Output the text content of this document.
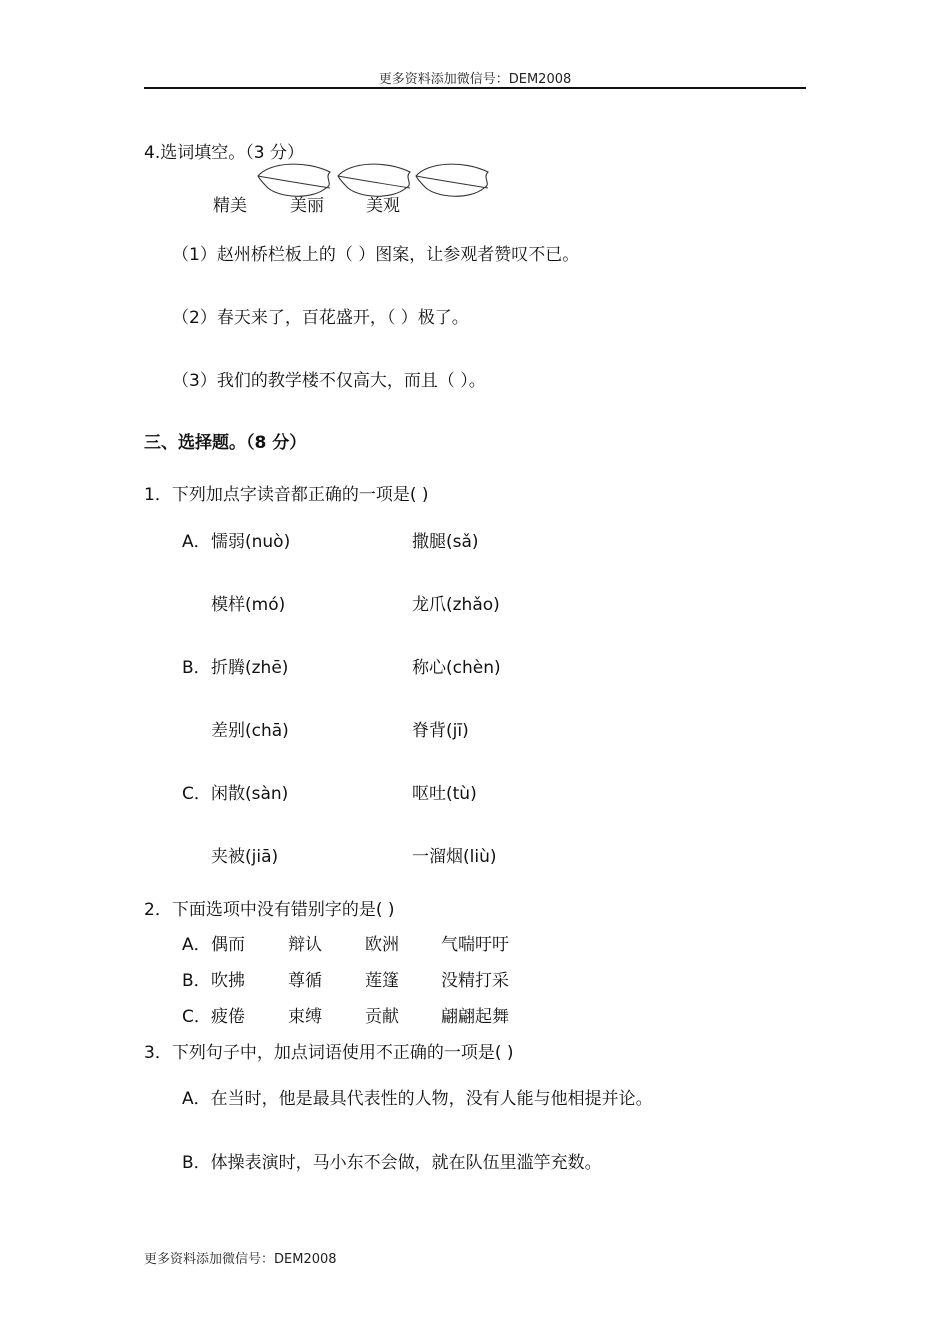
更多资料添加微信号：DEM2008
4.选词填空。（3 分）
精美	美丽 美观
（1）赵州桥栏板上的（ ）图案，让参观者赞叹不已。
（2）春天来了，百花盛开，（ ）极了。
（3）我们的教学楼不仅高大，而且（ ）。
三、选择题。（8 分）
1．下列加点字读音都正确的一项是( )
A． 懦弱(nuò)	撒腿(sǎ)
模样(mó)	龙爪(zhǎo)
B． 折腾(zhē)	称心(chèn)
差别(chā)	脊背(jī)
C． 闲散(sàn)	呕吐(tù)
夹被(jiā)	一溜烟(liù)
2．下面选项中没有错别字的是( )
A． 偶而	辩认	欧洲 气喘吁吁
B． 吹拂	尊循	莲篷 没精打采
C． 疲倦	束缚	贡献 翩翩起舞
3．下列句子中，加点词语使用不正确的一项是( )
A．在当时，他是最具代表性的人物，没有人能与他相提并论。
B．体操表演时，马小东不会做，就在队伍里滥竽充数。
更多资料添加微信号：DEM2008
